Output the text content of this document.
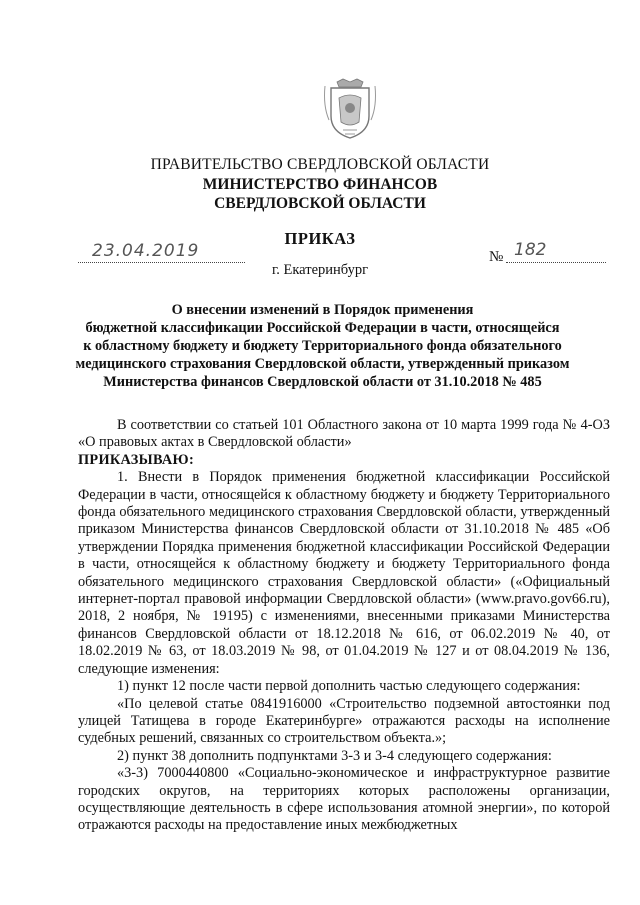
ПРАВИТЕЛЬСТВО СВЕРДЛОВСКОЙ ОБЛАСТИ
МИНИСТЕРСТВО ФИНАНСОВ
СВЕРДЛОВСКОЙ ОБЛАСТИ
ПРИКАЗ
23.04.2019	№ 182
г. Екатеринбург
О внесении изменений в Порядок применения
бюджетной классификации Российской Федерации в части, относящейся
к областному бюджету и бюджету Территориального фонда обязательного
медицинского страхования Свердловской области, утвержденный приказом
Министерства финансов Свердловской области от 31.10.2018 № 485

В соответствии со статьей 101 Областного закона от 10 марта 1999 года № 4-ОЗ «О правовых актах в Свердловской области»

ПРИКАЗЫВАЮ:

1. Внести в Порядок применения бюджетной классификации Российской Федерации в части, относящейся к областному бюджету и бюджету Территориального фонда обязательного медицинского страхования Свердловской области, утвержденный приказом Министерства финансов Свердловской области от 31.10.2018 № 485 «Об утверждении Порядка применения бюджетной классификации Российской Федерации в части, относящейся к областному бюджету и бюджету Территориального фонда обязательного медицинского страхования Свердловской области» («Официальный интернет-портал правовой информации Свердловской области» (www.pravo.gov66.ru), 2018, 2 ноября, № 19195) с изменениями, внесенными приказами Министерства финансов Свердловской области от 18.12.2018 № 616, от 06.02.2019 № 40, от 18.02.2019 № 63, от 18.03.2019 № 98, от 01.04.2019 № 127 и от 08.04.2019 № 136, следующие изменения:

1) пункт 12 после части первой дополнить частью следующего содержания:

«По целевой статье 0841916000 «Строительство подземной автостоянки под улицей Татищева в городе Екатеринбурге» отражаются расходы на исполнение судебных решений, связанных со строительством объекта.»;

2) пункт 38 дополнить подпунктами 3-3 и 3-4 следующего содержания:

«3-3) 7000440800 «Социально-экономическое и инфраструктурное развитие городских округов, на территориях которых расположены организации, осуществляющие деятельность в сфере использования атомной энергии», по которой отражаются расходы на предоставление иных межбюджетных
